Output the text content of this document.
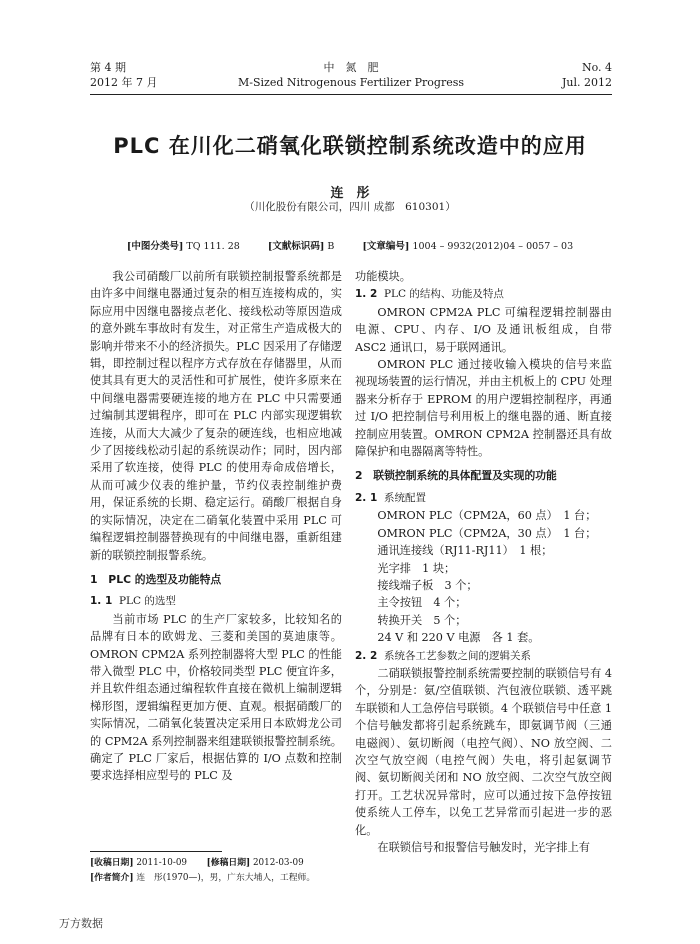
第 4 期	中　氮　肥	No. 4
2012 年 7 月	M-Sized Nitrogenous Fertilizer Progress	Jul. 2012
PLC 在川化二硝氧化联锁控制系统改造中的应用
连　彤
（川化股份有限公司，四川 成都　610301）
[中图分类号] TQ 111. 28	[文献标识码] B	[文章编号] 1004 – 9932(2012)04 – 0057 – 03

我公司硝酸厂以前所有联锁控制报警系统都是由许多中间继电器通过复杂的相互连接构成的，实际应用中因继电器接点老化、接线松动等原因造成的意外跳车事故时有发生，对正常生产造成极大的影响并带来不小的经济损失。PLC 因采用了存储逻辑，即控制过程以程序方式存放在存储器里，从而使其具有更大的灵活性和可扩展性，使许多原来在中间继电器需要硬连接的地方在 PLC 中只需要通过编制其逻辑程序，即可在 PLC 内部实现逻辑软连接，从而大大减少了复杂的硬连线，也相应地减少了因接线松动引起的系统误动作；同时，因内部采用了软连接，使得 PLC 的使用寿命成倍增长，从而可减少仪表的维护量，节约仪表控制维护费用，保证系统的长期、稳定运行。硝酸厂根据自身的实际情况，决定在二硝氧化装置中采用 PLC 可编程逻辑控制器替换现有的中间继电器，重新组建新的联锁控制报警系统。

1　PLC 的选型及功能特点
1. 1 PLC 的选型

当前市场 PLC 的生产厂家较多，比较知名的品牌有日本的欧姆龙、三菱和美国的莫迪康等。OMRON CPM2A 系列控制器将大型 PLC 的性能带入微型 PLC 中，价格较同类型 PLC 便宜许多，并且软件组态通过编程软件直接在微机上编制逻辑梯形图，逻辑编程更加方便、直观。根据硝酸厂的实际情况，二硝氧化装置决定采用日本欧姆龙公司的 CPM2A 系列控制器来组建联锁报警控制系统。确定了 PLC 厂家后，根据估算的 I/O 点数和控制要求选择相应型号的 PLC 及

功能模块。

1. 2 PLC 的结构、功能及特点

OMRON CPM2A PLC 可编程逻辑控制器由电源、CPU、内存、I/O 及通讯板组成，自带 ASC2 通讯口，易于联网通讯。

OMRON PLC 通过接收输入模块的信号来监视现场装置的运行情况，并由主机板上的 CPU 处理器来分析存于 EPROM 的用户逻辑控制程序，再通过 I/O 把控制信号利用板上的继电器的通、断直接控制应用装置。OMRON CPM2A 控制器还具有故障保护和电器隔离等特性。

2　联锁控制系统的具体配置及实现的功能
2. 1 系统配置
OMRON PLC（CPM2A，60 点）　1 台；
OMRON PLC（CPM2A，30 点）　1 台；
通讯连接线（RJ11-RJ11）　1 根；
光字排　1 块；
接线端子板　3 个；
主令按钮　4 个；
转换开关　5 个；
24 V 和 220 V 电源　各 1 套。
2. 2 系统各工艺参数之间的逻辑关系

二硝联锁报警控制系统需要控制的联锁信号有 4 个，分别是：氨/空值联锁、汽包液位联锁、透平跳车联锁和人工急停信号联锁。4 个联锁信号中任意 1 个信号触发都将引起系统跳车，即氨调节阀（三通电磁阀）、氨切断阀（电控气阀）、NO 放空阀、二次空气放空阀（电控气阀）失电，将引起氨调节阀、氨切断阀关闭和 NO 放空阀、二次空气放空阀打开。工艺状况异常时，应可以通过按下急停按钮使系统人工停车，以免工艺异常而引起进一步的恶化。

在联锁信号和报警信号触发时，光字排上有

[收稿日期] 2011-10-09 [修稿日期] 2012-03-09
[作者简介] 连　彤(1970—)，男，广东大埔人，工程师。
万方数据
